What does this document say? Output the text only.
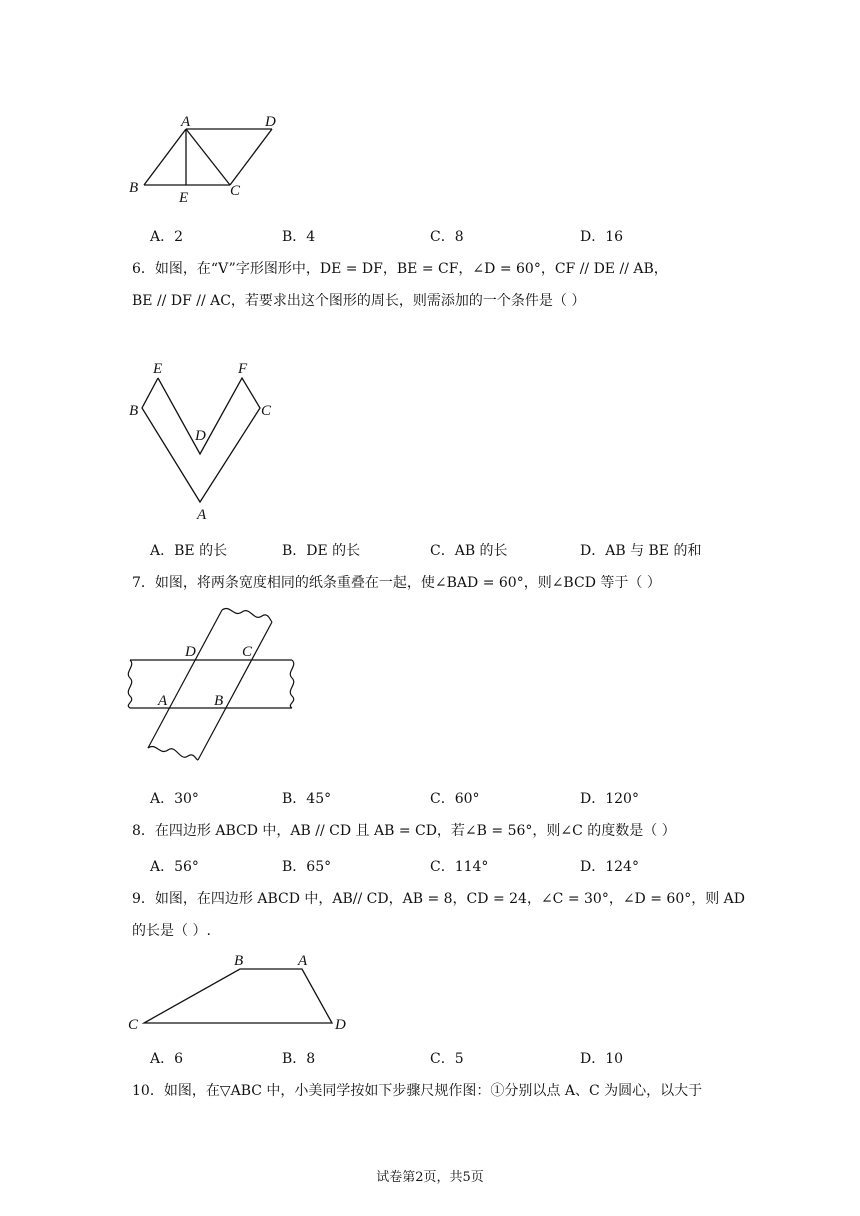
A	D
B
E	C
A．2	B．4	C．8	D．16
6．如图，在“V”字形图形中，DE = DF，BE = CF，∠D = 60°，CF // DE // AB，
BE // DF // AC，若要求出这个图形的周长，则需添加的一个条件是（ ）
E	F
B	C
D
A
A．BE 的长	B．DE 的长	C．AB 的长	D．AB 与 BE 的和
7．如图，将两条宽度相同的纸条重叠在一起，使∠BAD = 60°，则∠BCD 等于（ ）
D	C
A	B
A．30°	B．45°	C．60°	D．120°
8．在四边形 ABCD 中，AB // CD 且 AB = CD，若∠B = 56°，则∠C 的度数是（ ）
A．56°	B．65°	C．114°	D．124°
9．如图，在四边形 ABCD 中，AB// CD，AB = 8，CD = 24，∠C = 30°，∠D = 60°，则 AD
的长是（ ）.
B	A
C	D
A．6	B．8	C．5	D．10
10．如图，在▽ABC 中，小美同学按如下步骤尺规作图：①分别以点 A、C 为圆心，以大于
试卷第2页，共5页
